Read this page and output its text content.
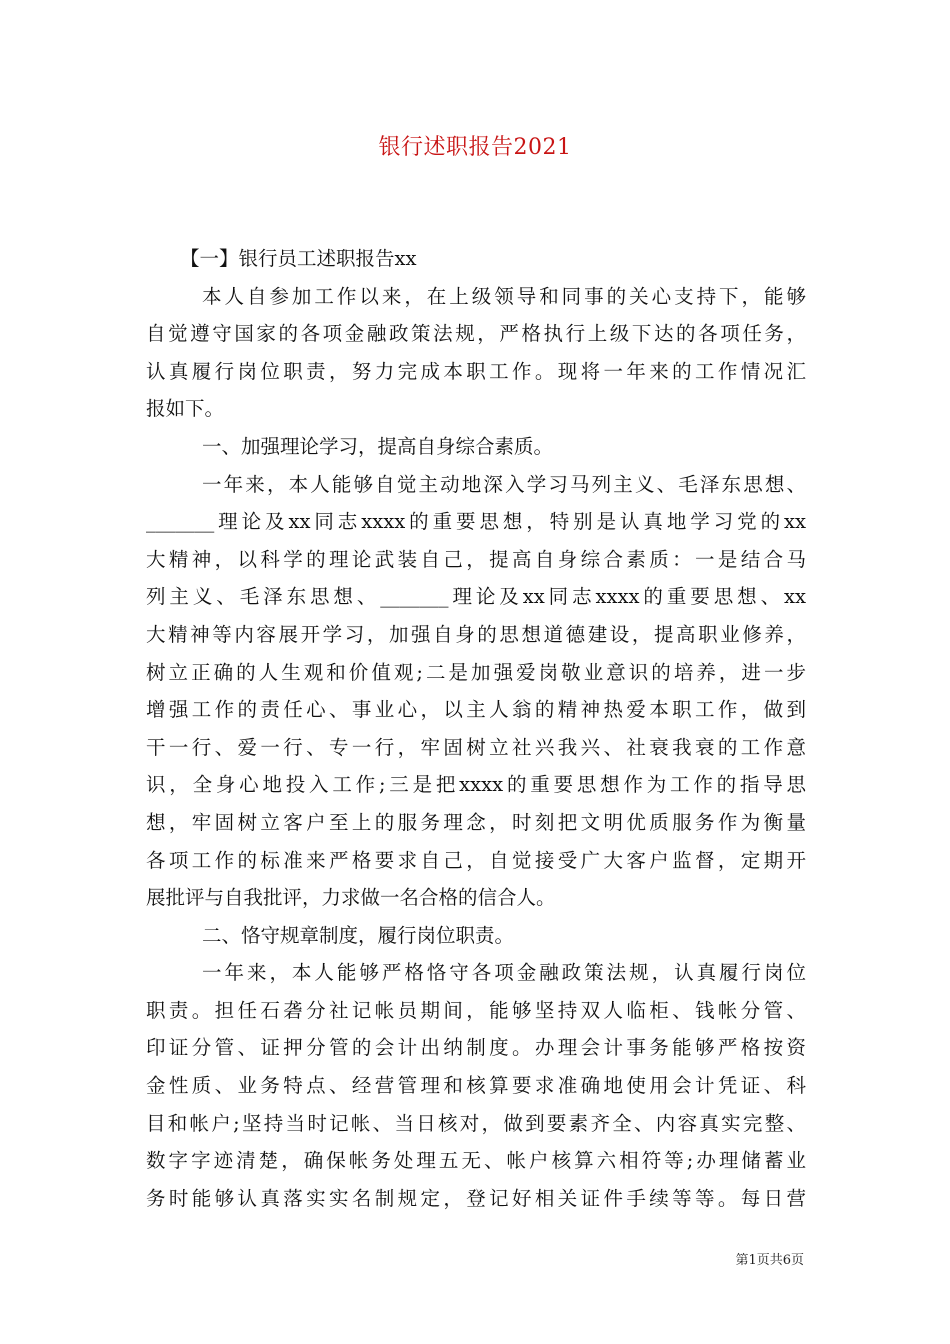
银行述职报告2021
【一】银行员工述职报告xx
本人自参加工作以来，在上级领导和同事的关心支持下，能够
自觉遵守国家的各项金融政策法规，严格执行上级下达的各项任务，
认真履行岗位职责，努力完成本职工作。现将一年来的工作情况汇
报如下。
一、加强理论学习，提高自身综合素质。
一年来，本人能够自觉主动地深入学习马列主义、毛泽东思想、
_______理论及xx同志xxxx的重要思想，特别是认真地学习党的xx
大精神，以科学的理论武装自己，提高自身综合素质：一是结合马
列主义、毛泽东思想、_______理论及xx同志xxxx的重要思想、xx
大精神等内容展开学习，加强自身的思想道德建设，提高职业修养，
树立正确的人生观和价值观;二是加强爱岗敬业意识的培养，进一步
增强工作的责任心、事业心，以主人翁的精神热爱本职工作，做到
干一行、爱一行、专一行，牢固树立社兴我兴、社衰我衰的工作意
识，全身心地投入工作;三是把xxxx的重要思想作为工作的指导思
想，牢固树立客户至上的服务理念，时刻把文明优质服务作为衡量
各项工作的标准来严格要求自己，自觉接受广大客户监督，定期开
展批评与自我批评，力求做一名合格的信合人。
二、恪守规章制度，履行岗位职责。
一年来，本人能够严格恪守各项金融政策法规，认真履行岗位
职责。担任石砻分社记帐员期间，能够坚持双人临柜、钱帐分管、
印证分管、证押分管的会计出纳制度。办理会计事务能够严格按资
金性质、业务特点、经营管理和核算要求准确地使用会计凭证、科
目和帐户;坚持当时记帐、当日核对，做到要素齐全、内容真实完整、
数字字迹清楚，确保帐务处理五无、帐户核算六相符等;办理储蓄业
务时能够认真落实实名制规定，登记好相关证件手续等等。每日营
第1页共6页
